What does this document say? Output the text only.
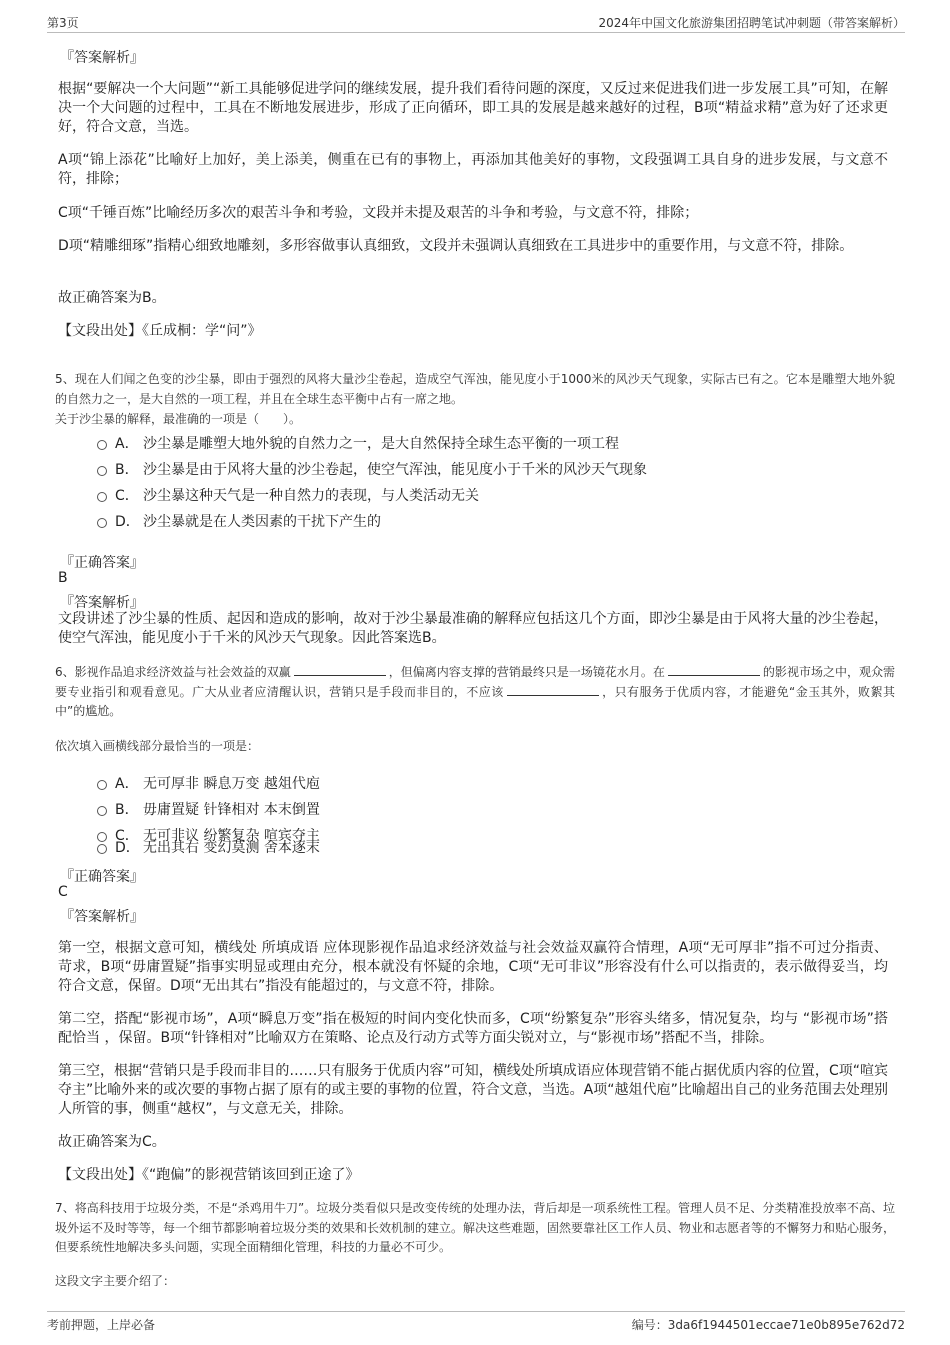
第3页	2024年中国文化旅游集团招聘笔试冲刺题（带答案解析）
『答案解析』
根据“要解决一个大问题”“新工具能够促进学问的继续发展，提升我们看待问题的深度，又反过来促进我们进一步发展工具”可知，在解决一个大问题的过程中，工具在不断地发展进步，形成了正向循环，即工具的发展是越来越好的过程，B项“精益求精”意为好了还求更好，符合文意，当选。
A项“锦上添花”比喻好上加好，美上添美，侧重在已有的事物上，再添加其他美好的事物，文段强调工具自身的进步发展，与文意不符，排除；
C项“千锤百炼”比喻经历多次的艰苦斗争和考验，文段并未提及艰苦的斗争和考验，与文意不符，排除；
D项“精雕细琢”指精心细致地雕刻，多形容做事认真细致，文段并未强调认真细致在工具进步中的重要作用，与文意不符，排除。
故正确答案为B。
【文段出处】《丘成桐：学“问”》
5、现在人们闻之色变的沙尘暴，即由于强烈的风将大量沙尘卷起，造成空气浑浊，能见度小于1000米的风沙天气现象，实际古已有之。它本是雕塑大地外貌的自然力之一，是大自然的一项工程，并且在全球生态平衡中占有一席之地。
关于沙尘暴的解释，最准确的一项是（　　）。
A． 沙尘暴是雕塑大地外貌的自然力之一，是大自然保持全球生态平衡的一项工程
B． 沙尘暴是由于风将大量的沙尘卷起，使空气浑浊，能见度小于千米的风沙天气现象
C． 沙尘暴这种天气是一种自然力的表现，与人类活动无关
D． 沙尘暴就是在人类因素的干扰下产生的
『正确答案』
B
『答案解析』
文段讲述了沙尘暴的性质、起因和造成的影响，故对于沙尘暴最准确的解释应包括这几个方面，即沙尘暴是由于风将大量的沙尘卷起，使空气浑浊，能见度小于千米的风沙天气现象。因此答案选B。
6、影视作品追求经济效益与社会效益的双赢	，但偏离内容支撑的营销最终只是一场镜花水月。在	的影视市场之中，观众需要专业指引和观看意见。广大从业者应清醒认识，营销只是手段而非目的，不应该	，只有服务于优质内容，才能避免“金玉其外，败絮其中”的尴尬。
依次填入画横线部分最恰当的一项是：
A． 无可厚非 瞬息万变 越俎代庖
B． 毋庸置疑 针锋相对 本末倒置
C． 无可非议 纷繁复杂 喧宾夺主
D． 无出其右 变幻莫测 舍本逐末
『正确答案』
C
『答案解析』
第一空，根据文意可知，横线处 所填成语 应体现影视作品追求经济效益与社会效益双赢符合情理，A项“无可厚非”指不可过分指责、苛求，B项“毋庸置疑”指事实明显或理由充分，根本就没有怀疑的余地，C项“无可非议”形容没有什么可以指责的，表示做得妥当，均符合文意，保留。D项“无出其右”指没有能超过的，与文意不符，排除。
第二空，搭配“影视市场”，A项“瞬息万变”指在极短的时间内变化快而多，C项“纷繁复杂”形容头绪多，情况复杂，均与 “影视市场”搭配恰当 ，保留。B项“针锋相对”比喻双方在策略、论点及行动方式等方面尖锐对立，与“影视市场”搭配不当，排除。
第三空，根据“营销只是手段而非目的……只有服务于优质内容”可知，横线处所填成语应体现营销不能占据优质内容的位置，C项“喧宾夺主”比喻外来的或次要的事物占据了原有的或主要的事物的位置，符合文意，当选。A项“越俎代庖”比喻超出自己的业务范围去处理别人所管的事，侧重“越权”，与文意无关，排除。
故正确答案为C。
【文段出处】《“跑偏”的影视营销该回到正途了》
7、将高科技用于垃圾分类，不是“杀鸡用牛刀”。垃圾分类看似只是改变传统的处理办法，背后却是一项系统性工程。管理人员不足、分类精准投放率不高、垃圾外运不及时等等，每一个细节都影响着垃圾分类的效果和长效机制的建立。解决这些难题，固然要靠社区工作人员、物业和志愿者等的不懈努力和贴心服务，但要系统性地解决多头问题，实现全面精细化管理，科技的力量必不可少。
这段文字主要介绍了：
考前押题，上岸必备	编号：3da6f1944501eccae71e0b895e762d72
